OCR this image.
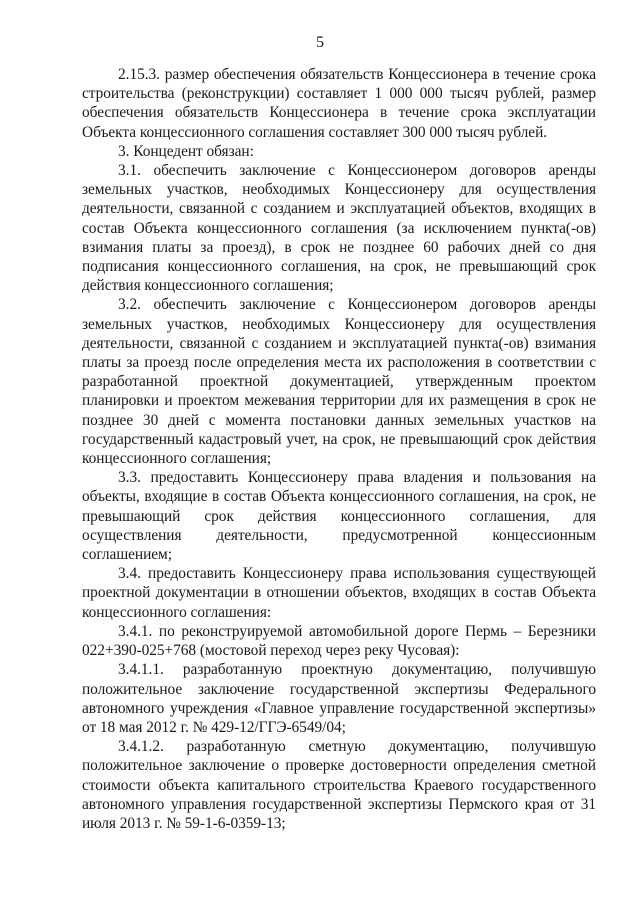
5

2.15.3. размер обеспечения обязательств Концессионера в течение срока строительства (реконструкции) составляет 1 000 000 тысяч рублей, размер обеспечения обязательств Концессионера в течение срока эксплуатации Объекта концессионного соглашения составляет 300 000 тысяч рублей.

3. Концедент обязан:

3.1. обеспечить заключение с Концессионером договоров аренды земельных участков, необходимых Концессионеру для осуществления деятельности, связанной с созданием и эксплуатацией объектов, входящих в состав Объекта концессионного соглашения (за исключением пункта(-ов) взимания платы за проезд), в срок не позднее 60 рабочих дней со дня подписания концессионного соглашения, на срок, не превышающий срок действия концессионного соглашения;

3.2. обеспечить заключение с Концессионером договоров аренды земельных участков, необходимых Концессионеру для осуществления деятельности, связанной с созданием и эксплуатацией пункта(-ов) взимания платы за проезд после определения места их расположения в соответствии с разработанной проектной документацией, утвержденным проектом планировки и проектом межевания территории для их размещения в срок не позднее 30 дней с момента постановки данных земельных участков на государственный кадастровый учет, на срок, не превышающий срок действия концессионного соглашения;

3.3. предоставить Концессионеру права владения и пользования на объекты, входящие в состав Объекта концессионного соглашения, на срок, не превышающий срок действия концессионного соглашения, для осуществления деятельности, предусмотренной концессионным соглашением;

3.4. предоставить Концессионеру права использования существующей проектной документации в отношении объектов, входящих в состав Объекта концессионного соглашения:

3.4.1. по реконструируемой автомобильной дороге Пермь – Березники 022+390-025+768 (мостовой переход через реку Чусовая):

3.4.1.1. разработанную проектную документацию, получившую положительное заключение государственной экспертизы Федерального автономного учреждения «Главное управление государственной экспертизы» от 18 мая 2012 г. № 429-12/ГГЭ-6549/04;

3.4.1.2. разработанную сметную документацию, получившую положительное заключение о проверке достоверности определения сметной стоимости объекта капитального строительства Краевого государственного автономного управления государственной экспертизы Пермского края от 31 июля 2013 г. № 59-1-6-0359-13;
